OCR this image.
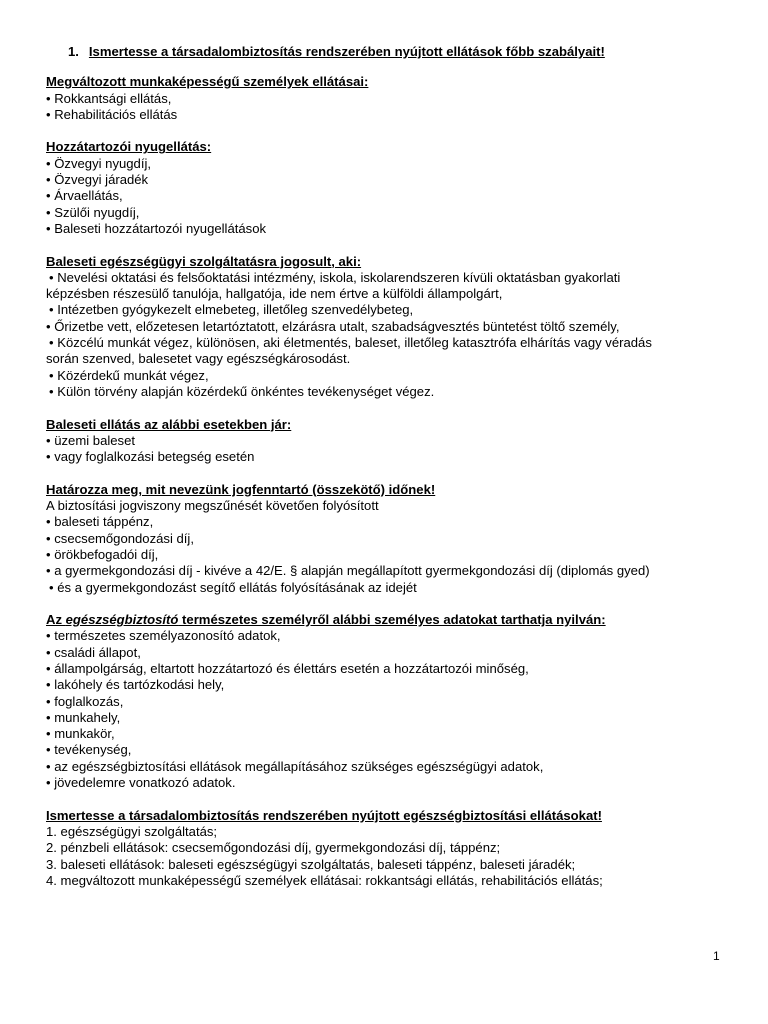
1. Ismertesse a társadalombiztosítás rendszerében nyújtott ellátások főbb szabályait!
Megváltozott munkaképességű személyek ellátásai:
• Rokkantsági ellátás,
• Rehabilitációs ellátás
Hozzátartozói nyugellátás:
• Özvegyi nyugdíj,
• Özvegyi járadék
• Árvaellátás,
• Szülői nyugdíj,
• Baleseti hozzátartozói nyugellátások
Baleseti egészségügyi szolgáltatásra jogosult, aki:
• Nevelési oktatási és felsőoktatási intézmény, iskola, iskolarendszeren kívüli oktatásban gyakorlati
képzésben részesülő tanulója, hallgatója, ide nem értve a külföldi állampolgárt,
• Intézetben gyógykezelt elmebeteg, illetőleg szenvedélybeteg,
• Őrizetbe vett, előzetesen letartóztatott, elzárásra utalt, szabadságvesztés büntetést töltő személy,
• Közcélú munkát végez, különösen, aki életmentés, baleset, illetőleg katasztrófa elhárítás vagy véradás
során szenved, balesetet vagy egészségkárosodást.
• Közérdekű munkát végez,
• Külön törvény alapján közérdekű önkéntes tevékenységet végez.
Baleseti ellátás az alábbi esetekben jár:
• üzemi baleset
• vagy foglalkozási betegség esetén
Határozza meg, mit nevezünk jogfenntartó (összekötő) időnek!
A biztosítási jogviszony megszűnését követően folyósított
• baleseti táppénz,
• csecsemőgondozási díj,
• örökbefogadói díj,
• a gyermekgondozási díj - kivéve a 42/E. § alapján megállapított gyermekgondozási díj (diplomás gyed)
• és a gyermekgondozást segítő ellátás folyósításának az idejét
Az egészségbiztosító természetes személyről alábbi személyes adatokat tarthatja nyilván:
• természetes személyazonosító adatok,
• családi állapot,
• állampolgárság, eltartott hozzátartozó és élettárs esetén a hozzátartozói minőség,
• lakóhely és tartózkodási hely,
• foglalkozás,
• munkahely,
• munkakör,
• tevékenység,
• az egészségbiztosítási ellátások megállapításához szükséges egészségügyi adatok,
• jövedelemre vonatkozó adatok.
Ismertesse a társadalombiztosítás rendszerében nyújtott egészségbiztosítási ellátásokat!
1. egészségügyi szolgáltatás;
2. pénzbeli ellátások: csecsemőgondozási díj, gyermekgondozási díj, táppénz;
3. baleseti ellátások: baleseti egészségügyi szolgáltatás, baleseti táppénz, baleseti járadék;
4. megváltozott munkaképességű személyek ellátásai: rokkantsági ellátás, rehabilitációs ellátás;
1
